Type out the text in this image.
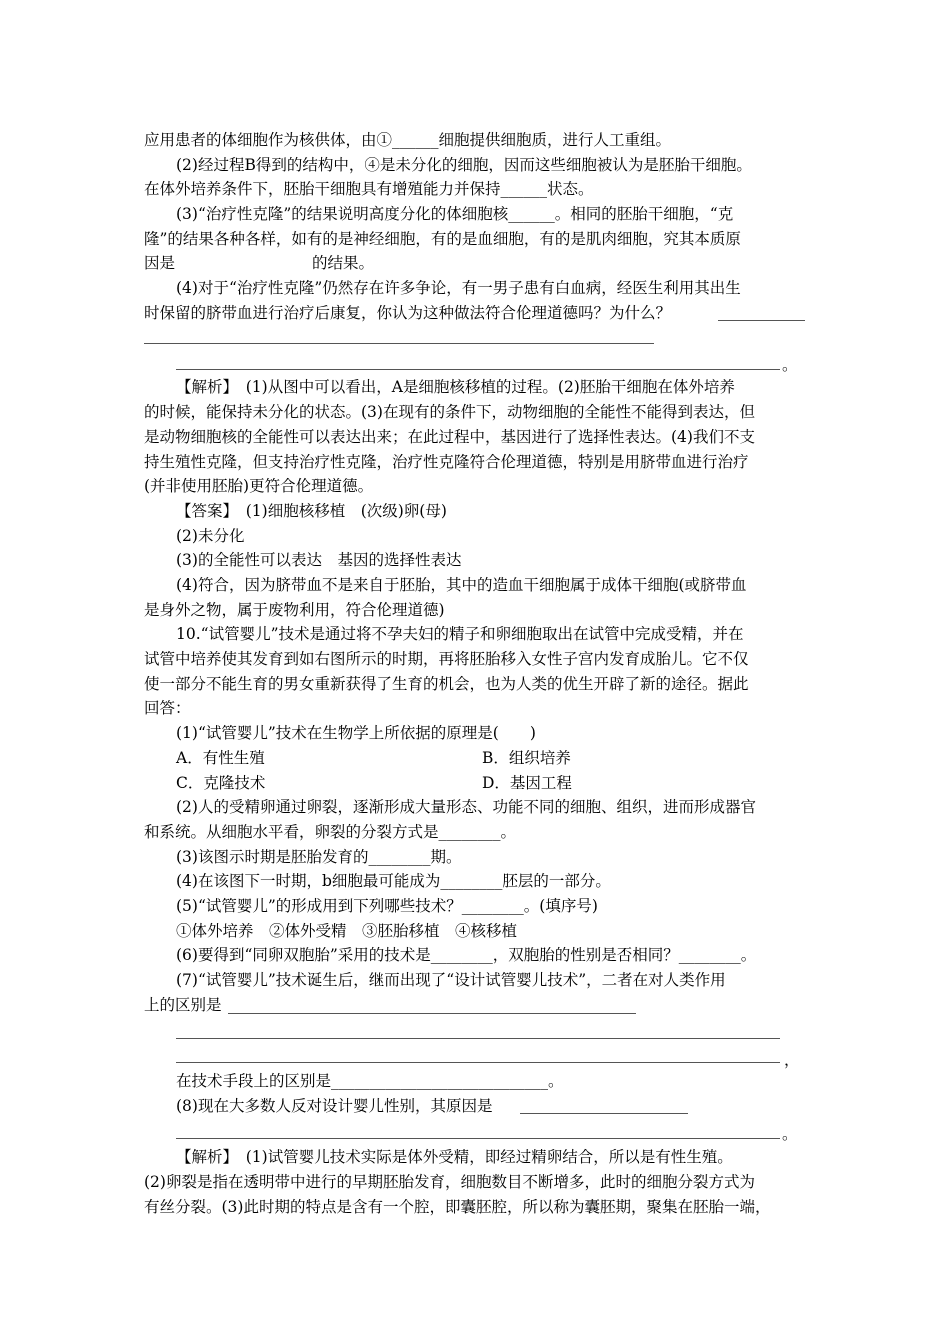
应用患者的体细胞作为核供体，由①______细胞提供细胞质，进行人工重组。
(2)经过程B得到的结构中，④是未分化的细胞，因而这些细胞被认为是胚胎干细胞。
在体外培养条件下，胚胎干细胞具有增殖能力并保持______状态。
(3)“治疗性克隆”的结果说明高度分化的体细胞核______。相同的胚胎干细胞，“克
隆”的结果各种各样，如有的是神经细胞，有的是血细胞，有的是肌肉细胞，究其本质原
因是	的结果。
(4)对于“治疗性克隆”仍然存在许多争论，有一男子患有白血病，经医生利用其出生
时保留的脐带血进行治疗后康复，你认为这种做法符合伦理道德吗？为什么？
。
【解析】　(1)从图中可以看出，A是细胞核移植的过程。(2)胚胎干细胞在体外培养
的时候，能保持未分化的状态。(3)在现有的条件下，动物细胞的全能性不能得到表达，但
是动物细胞核的全能性可以表达出来；在此过程中，基因进行了选择性表达。(4)我们不支
持生殖性克隆，但支持治疗性克隆，治疗性克隆符合伦理道德，特别是用脐带血进行治疗
(并非使用胚胎)更符合伦理道德。
【答案】　(1)细胞核移植　(次级)卵(母)
(2)未分化
(3)的全能性可以表达　基因的选择性表达
(4)符合，因为脐带血不是来自于胚胎，其中的造血干细胞属于成体干细胞(或脐带血
是身外之物，属于废物利用，符合伦理道德)
10.“试管婴儿”技术是通过将不孕夫妇的精子和卵细胞取出在试管中完成受精，并在
试管中培养使其发育到如右图所示的时期，再将胚胎移入女性子宫内发育成胎儿。它不仅
使一部分不能生育的男女重新获得了生育的机会，也为人类的优生开辟了新的途径。据此
回答：
(1)“试管婴儿”技术在生物学上所依据的原理是(　　)
A．有性生殖	B．组织培养
C．克隆技术	D．基因工程
(2)人的受精卵通过卵裂，逐渐形成大量形态、功能不同的细胞、组织，进而形成器官
和系统。从细胞水平看，卵裂的分裂方式是________。
(3)该图示时期是胚胎发育的________期。
(4)在该图下一时期，b细胞最可能成为________胚层的一部分。
(5)“试管婴儿”的形成用到下列哪些技术？________。(填序号)
①体外培养　②体外受精　③胚胎移植　④核移植
(6)要得到“同卵双胞胎”采用的技术是________，双胞胎的性别是否相同？________。
(7)“试管婴儿”技术诞生后，继而出现了“设计试管婴儿技术”，二者在对人类作用
上的区别是
，
在技术手段上的区别是____________________________。
(8)现在大多数人反对设计婴儿性别，其原因是
。
【解析】　(1)试管婴儿技术实际是体外受精，即经过精卵结合，所以是有性生殖。
(2)卵裂是指在透明带中进行的早期胚胎发育，细胞数目不断增多，此时的细胞分裂方式为
有丝分裂。(3)此时期的特点是含有一个腔，即囊胚腔，所以称为囊胚期，聚集在胚胎一端，
